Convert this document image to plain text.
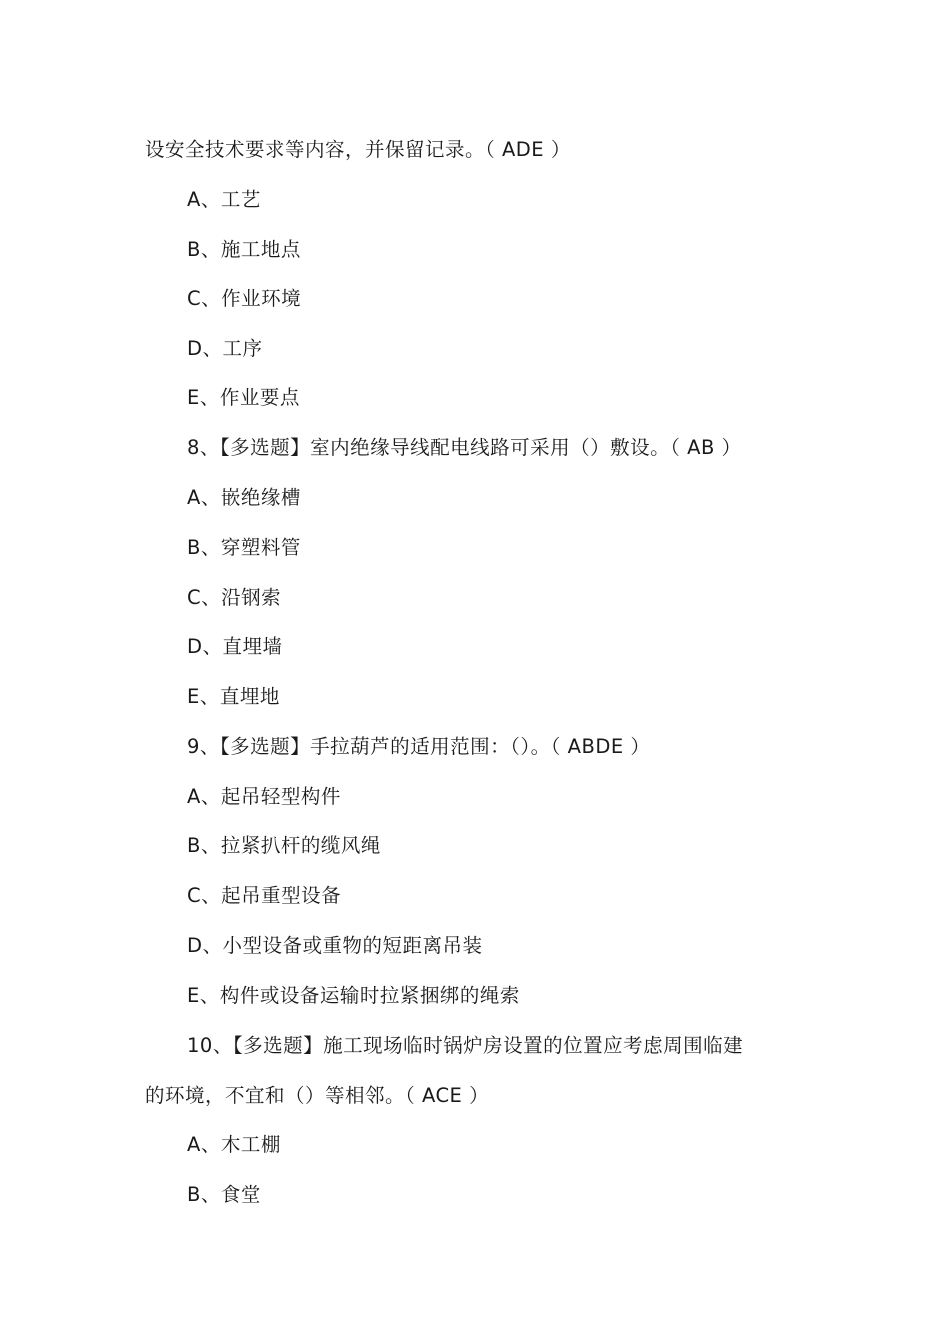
设安全技术要求等内容，并保留记录。（ ADE ）
A、工艺
B、施工地点
C、作业环境
D、工序
E、作业要点
8、【多选题】室内绝缘导线配电线路可采用（）敷设。（ AB ）
A、嵌绝缘槽
B、穿塑料管
C、沿钢索
D、直埋墙
E、直埋地
9、【多选题】手拉葫芦的适用范围：（）。（ ABDE ）
A、起吊轻型构件
B、拉紧扒杆的缆风绳
C、起吊重型设备
D、小型设备或重物的短距离吊装
E、构件或设备运输时拉紧捆绑的绳索
10、【多选题】施工现场临时锅炉房设置的位置应考虑周围临建
的环境，不宜和（）等相邻。（ ACE ）
A、木工棚
B、食堂
